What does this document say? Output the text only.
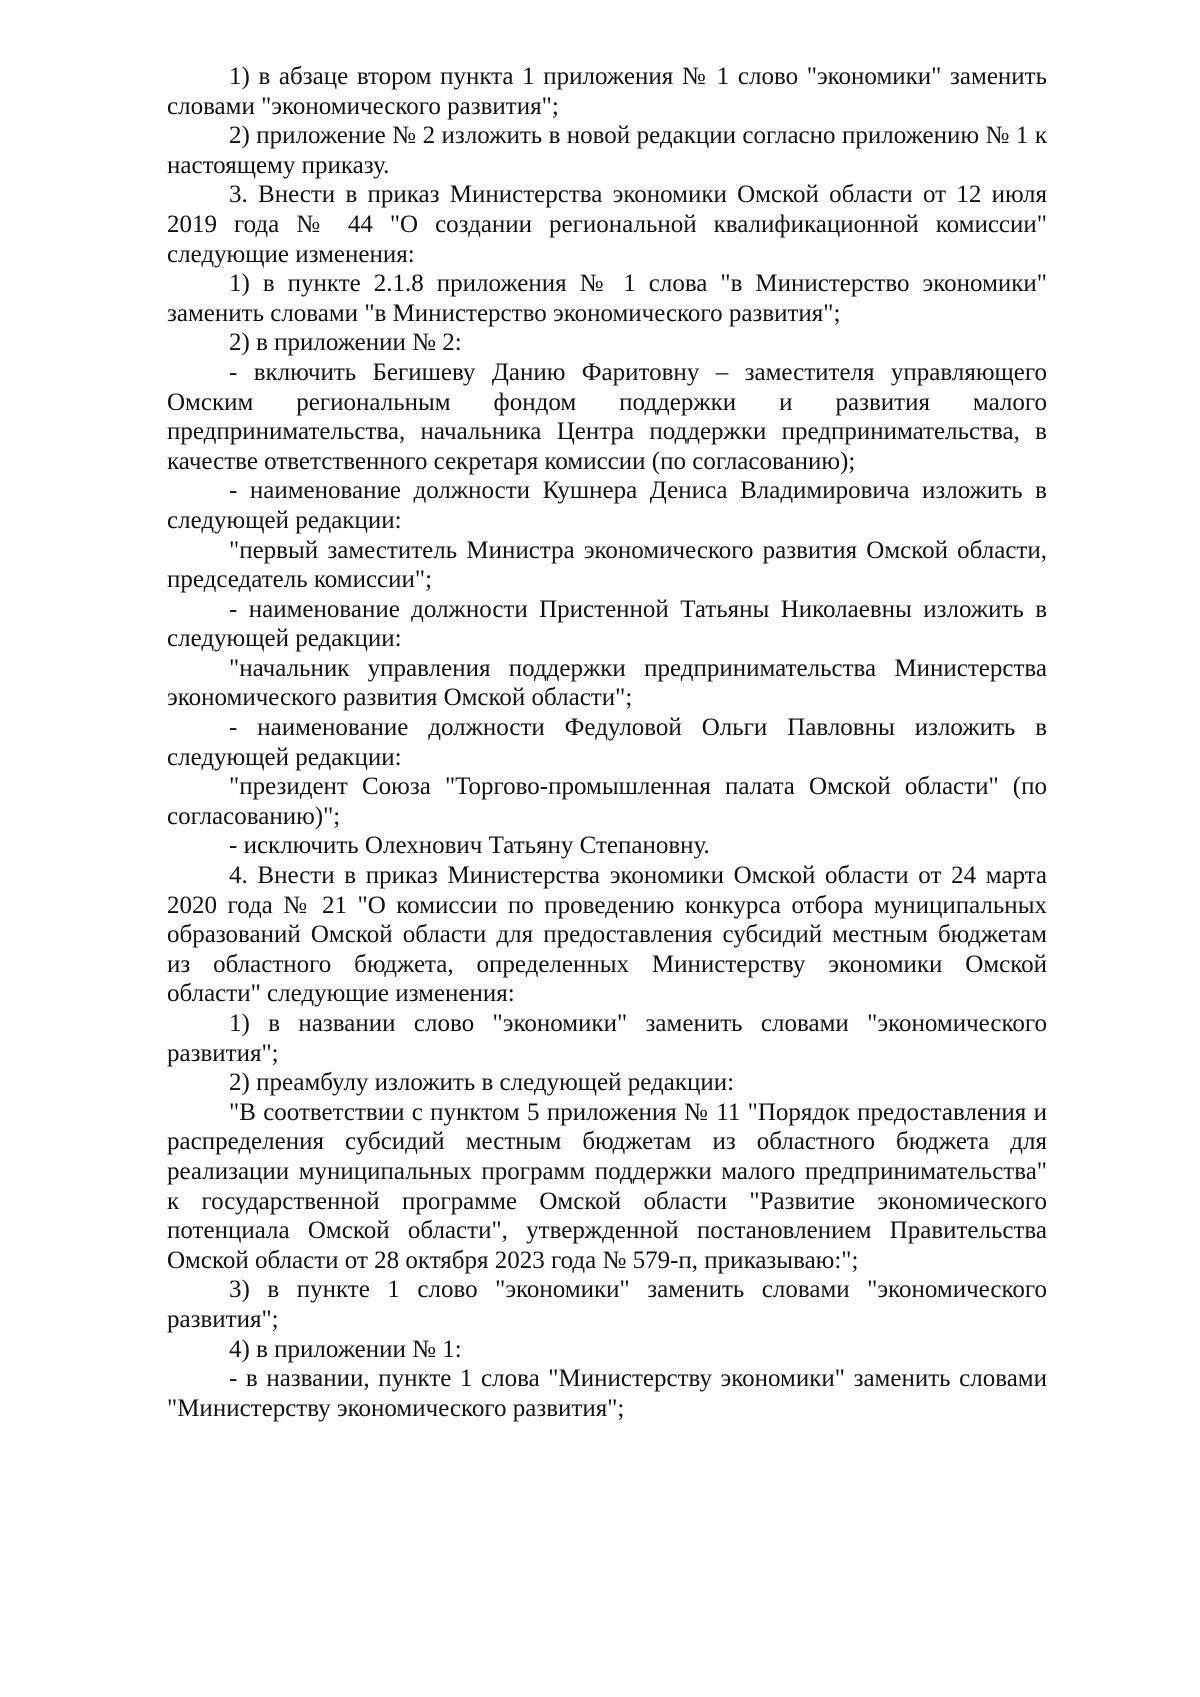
1) в абзаце втором пункта 1 приложения № 1 слово "экономики" заменить словами "экономического развития";

2) приложение № 2 изложить в новой редакции согласно приложению № 1 к настоящему приказу.

3. Внести в приказ Министерства экономики Омской области от 12 июля 2019 года № 44 "О создании региональной квалификационной комиссии" следующие изменения:

1) в пункте 2.1.8 приложения № 1 слова "в Министерство экономики" заменить словами "в Министерство экономического развития";

2) в приложении № 2:

- включить Бегишеву Данию Фаритовну – заместителя управляющего Омским региональным фондом поддержки и развития малого предпринимательства, начальника Центра поддержки предпринимательства, в качестве ответственного секретаря комиссии (по согласованию);

- наименование должности Кушнера Дениса Владимировича изложить в следующей редакции:

"первый заместитель Министра экономического развития Омской области, председатель комиссии";

- наименование должности Пристенной Татьяны Николаевны изложить в следующей редакции:

"начальник управления поддержки предпринимательства Министерства экономического развития Омской области";

- наименование должности Федуловой Ольги Павловны изложить в следующей редакции:

"президент Союза "Торгово-промышленная палата Омской области" (по согласованию)";

- исключить Олехнович Татьяну Степановну.

4. Внести в приказ Министерства экономики Омской области от 24 марта 2020 года № 21 "О комиссии по проведению конкурса отбора муниципальных образований Омской области для предоставления субсидий местным бюджетам из областного бюджета, определенных Министерству экономики Омской области" следующие изменения:

1) в названии слово "экономики" заменить словами "экономического развития";

2) преамбулу изложить в следующей редакции:

"В соответствии с пунктом 5 приложения № 11 "Порядок предоставления и распределения субсидий местным бюджетам из областного бюджета для реализации муниципальных программ поддержки малого предпринимательства" к государственной программе Омской области "Развитие экономического потенциала Омской области", утвержденной постановлением Правительства Омской области от 28 октября 2023 года № 579-п, приказываю:";

3) в пункте 1 слово "экономики" заменить словами "экономического развития";

4) в приложении № 1:

- в названии, пункте 1 слова "Министерству экономики" заменить словами "Министерству экономического развития";
